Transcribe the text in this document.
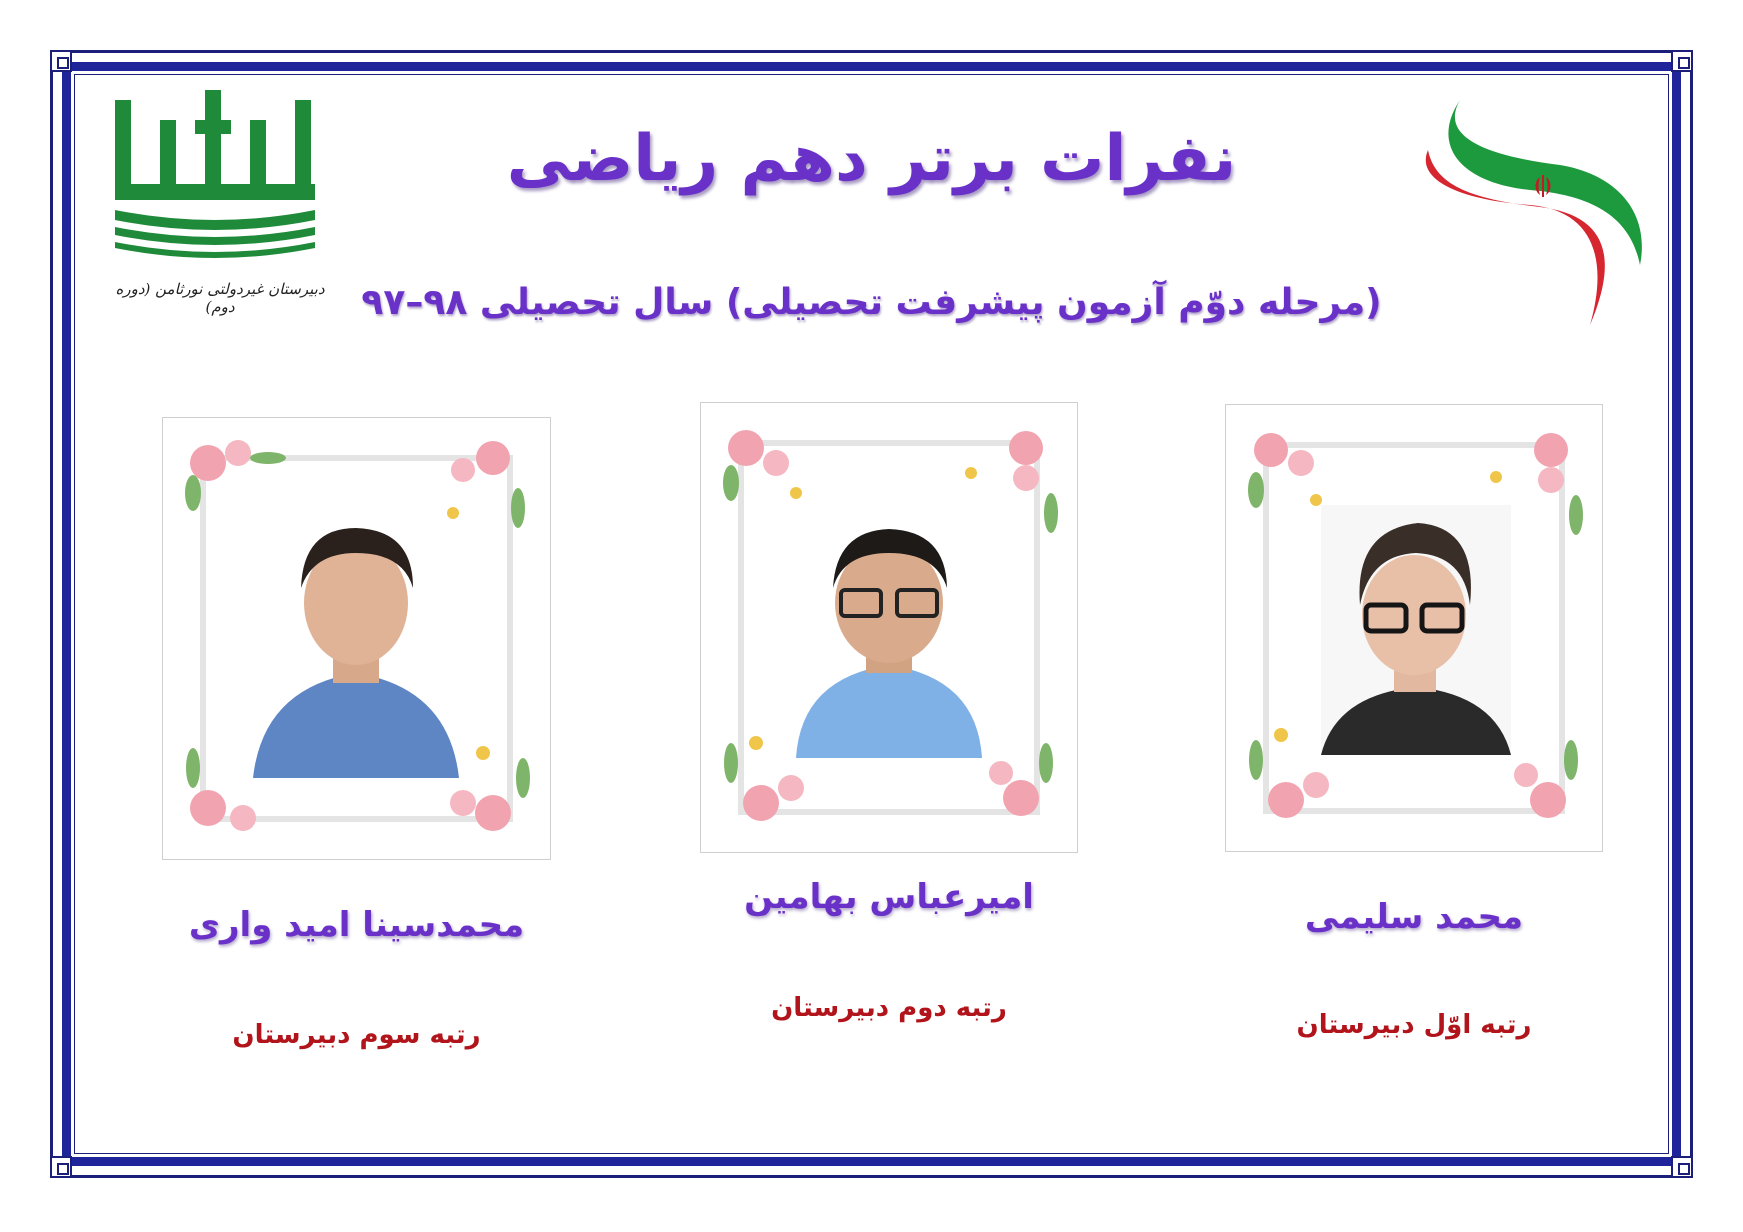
دبیرستان غیردولتی نورثامن (دوره دوم)
نفرات برتر دهم ریاضی
(مرحله دوّم آزمون پیشرفت تحصیلی) سال تحصیلی ۹۸–۹۷
محمدسینا امید واری
رتبه سوم دبیرستان
امیرعباس بهامین
رتبه دوم دبیرستان
محمد سلیمی
رتبه اوّل دبیرستان
